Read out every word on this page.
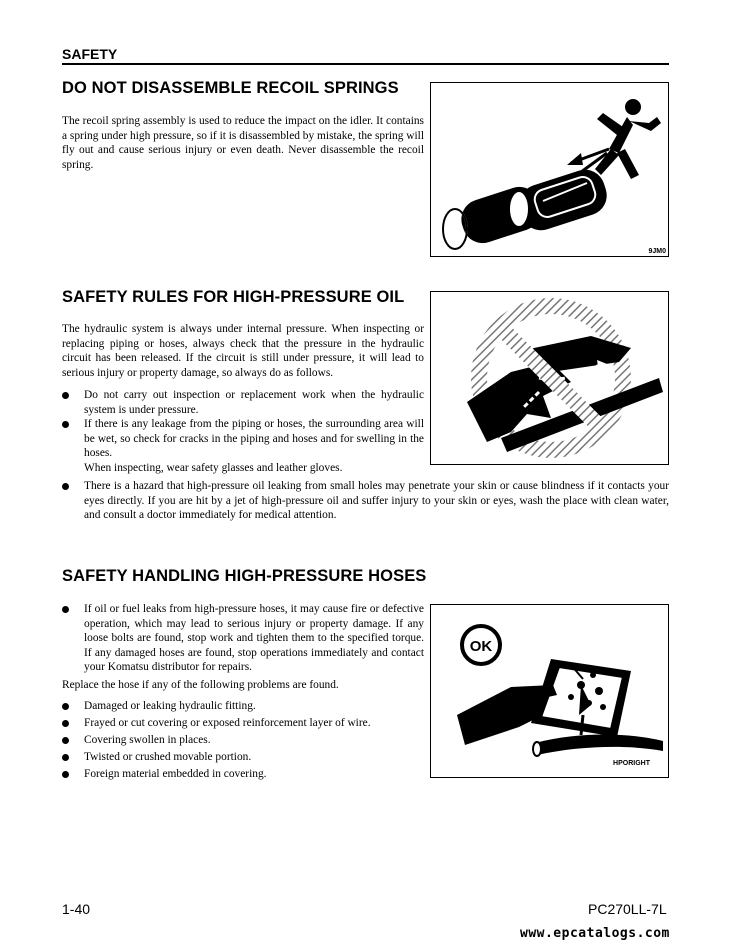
SAFETY
DO NOT DISASSEMBLE RECOIL SPRINGS

The recoil spring assembly is used to reduce the impact on the idler. It contains a spring under high pressure, so if it is disassembled by mistake, the spring will fly out and cause serious injury or even death. Never disassemble the recoil spring.

9JM0
SAFETY RULES FOR HIGH-PRESSURE OIL

The hydraulic system is always under internal pressure. When inspecting or replacing piping or hoses, always check that the pressure in the hydraulic circuit has been released. If the circuit is still under pressure, it will lead to serious injury or property damage, so always do as follows.

Do not carry out inspection or replacement work when the hydraulic system is under pressure.
If there is any leakage from the piping or hoses, the surrounding area will be wet, so check for cracks in the piping and hoses and for swelling in the hoses.
When inspecting, wear safety glasses and leather gloves.
There is a hazard that high-pressure oil leaking from small holes may penetrate your skin or cause blindness if it contacts your eyes directly. If you are hit by a jet of high-pressure oil and suffer injury to your skin or eyes, wash the place with clean water, and consult a doctor immediately for medical attention.
SAFETY HANDLING HIGH-PRESSURE HOSES
If oil or fuel leaks from high-pressure hoses, it may cause fire or defective operation, which may lead to serious injury or property damage. If any loose bolts are found, stop work and tighten them to the specified torque. If any damaged hoses are found, stop operations immediately and contact your Komatsu distributor for repairs.
Replace the hose if any of the following problems are found.
Damaged or leaking hydraulic fitting.
Frayed or cut covering or exposed reinforcement layer of wire.
Covering swollen in places.
Twisted or crushed movable portion.
Foreign material embedded in covering.
OK
HPORIGHT
1-40	PC270LL-7L
www.epcatalogs.com
